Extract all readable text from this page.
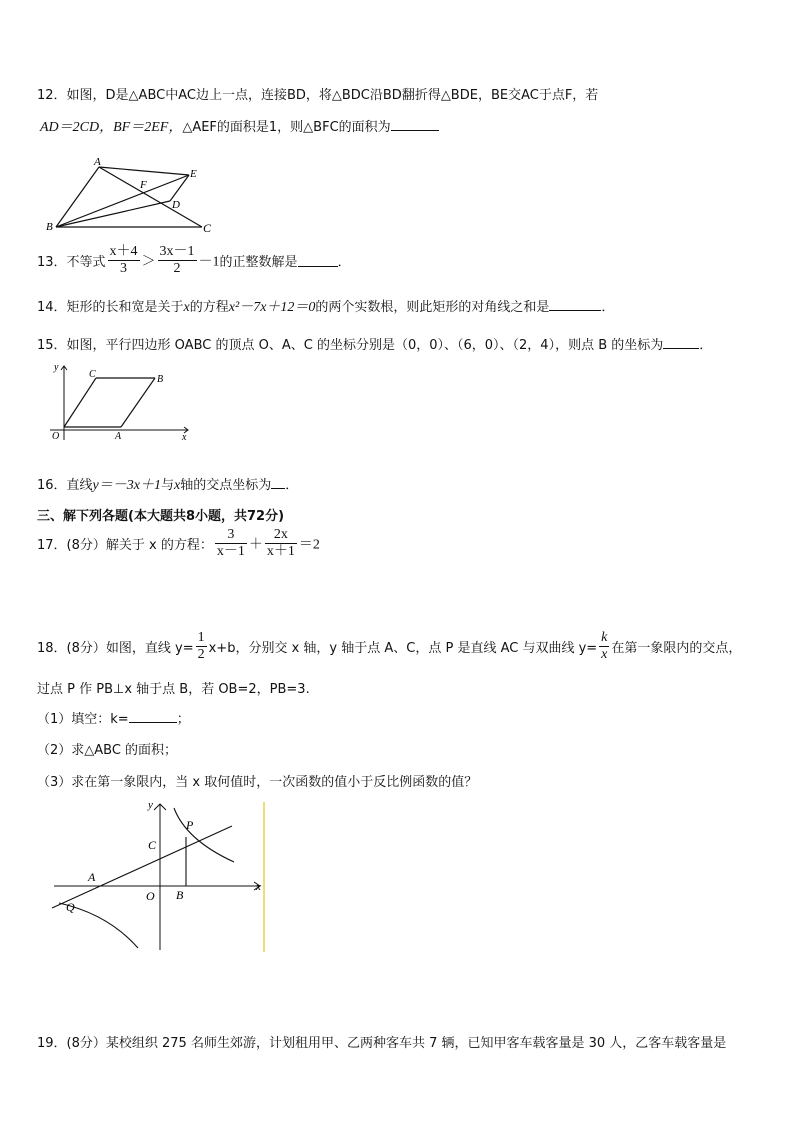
12．如图，D是△ABC中AC边上一点，连接BD，将△BDC沿BD翻折得△BDE，BE交AC于点F，若
AD＝2CD，BF＝2EF，△AEF的面积是1，则△BFC的面积为
A
E
F
D
B	C
13．不等式 $\frac{x+4}{3} > \frac{3x-1}{2} -1$的正整数解是	．
14．矩形的长和宽是关于x的方程x²－7x＋12＝0的两个实数根，则此矩形的对角线之和是	．
15．如图，平行四边形 OABC 的顶点 O、A、C 的坐标分别是（0，0）、（6，0）、（2，4），则点 B 的坐标为	．
y
C	B
O	A	x
16．直线y＝－3x＋1与x轴的交点坐标为 ．
三、解下列各题(本大题共8小题，共72分)
17．(8分）解关于 x 的方程： $\frac{3}{x-1} + \frac{2x}{x+1} =2$
18．(8分）如图，直线 $y= \frac{1}{2} x+b$，分别交 x 轴，y 轴于点 A、C，点 P 是直线 AC 与双曲线 $y= \frac{k}{x}$ 在第一象限内的交点，
过点 P 作 PB⊥x 轴于点 B，若 OB=2，PB=3.
（1）填空：k=	；
（2）求△ABC 的面积；
（3）求在第一象限内，当 x 取何值时，一次函数的值小于反比例函数的值？
y
P
C
A
O B
x
Q
19．(8分）某校组织 275 名师生郊游，计划租用甲、乙两种客车共 7 辆，已知甲客车载客量是 30 人，乙客车载客量是
